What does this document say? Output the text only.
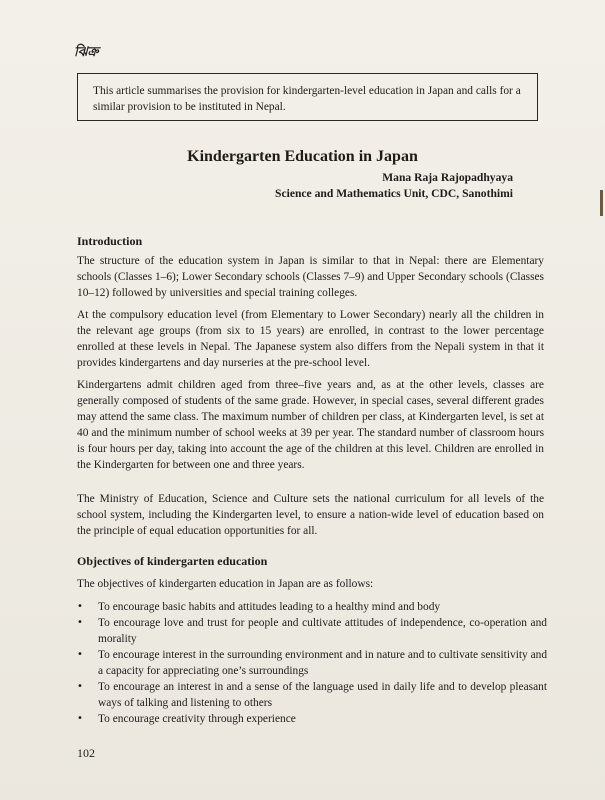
ঝিক্র
This article summarises the provision for kindergarten-level education in Japan and calls for a similar provision to be instituted in Nepal.
Kindergarten Education in Japan
Mana Raja Rajopadhyaya
Science and Mathematics Unit, CDC, Sanothimi
Introduction

The structure of the education system in Japan is similar to that in Nepal: there are Elementary schools (Classes 1–6); Lower Secondary schools (Classes 7–9) and Upper Secondary schools (Classes 10–12) followed by universities and special training colleges.

At the compulsory education level (from Elementary to Lower Secondary) nearly all the children in the relevant age groups (from six to 15 years) are enrolled, in contrast to the lower percentage enrolled at these levels in Nepal. The Japanese system also differs from the Nepali system in that it provides kindergartens and day nurseries at the pre-school level.

Kindergartens admit children aged from three–five years and, as at the other levels, classes are generally composed of students of the same grade. However, in special cases, several different grades may attend the same class. The maximum number of children per class, at Kindergarten level, is set at 40 and the minimum number of school weeks at 39 per year. The standard number of classroom hours is four hours per day, taking into account the age of the children at this level. Children are enrolled in the Kindergarten for between one and three years.

The Ministry of Education, Science and Culture sets the national curriculum for all levels of the school system, including the Kindergarten level, to ensure a nation-wide level of education based on the principle of equal education opportunities for all.

Objectives of kindergarten education

The objectives of kindergarten education in Japan are as follows:

•	To encourage basic habits and attitudes leading to a healthy mind and body
•	To encourage love and trust for people and cultivate attitudes of independence, co-operation and morality
•	To encourage interest in the surrounding environment and in nature and to cultivate sensitivity and a capacity for appreciating one’s surroundings
•	To encourage an interest in and a sense of the language used in daily life and to develop pleasant ways of talking and listening to others
•	To encourage creativity through experience
102
